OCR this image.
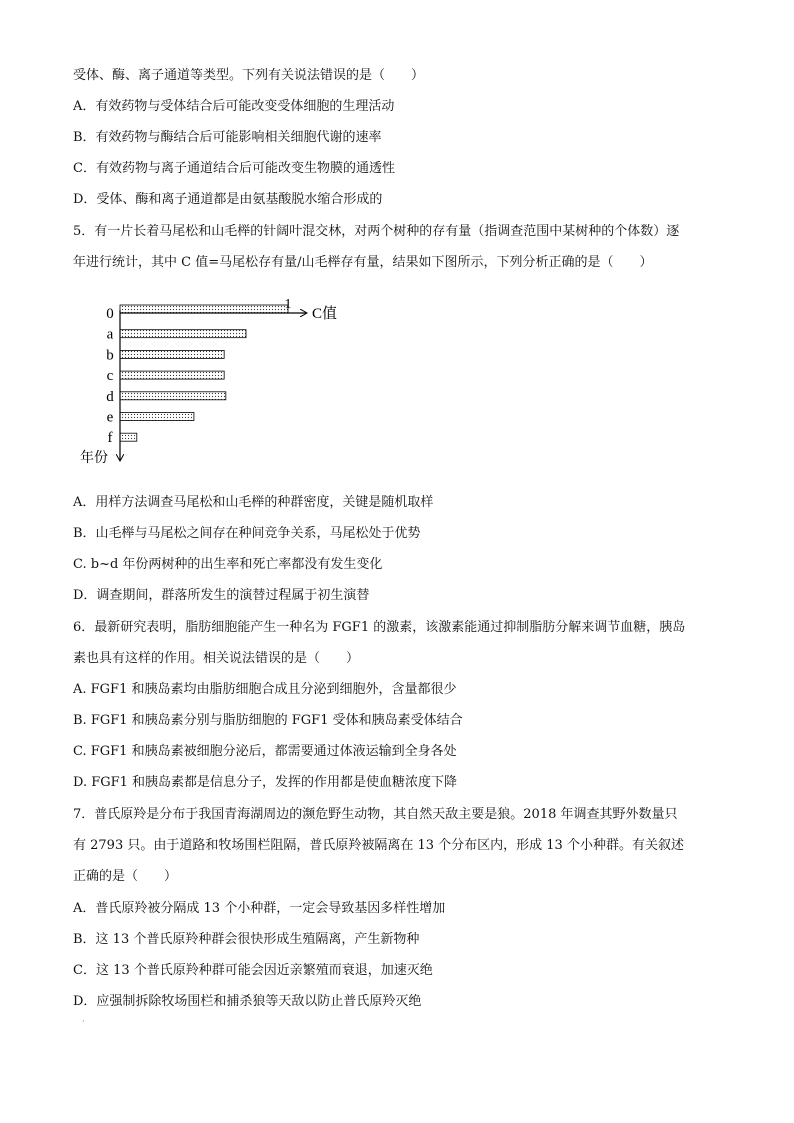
受体、酶、离子通道等类型。下列有关说法错误的是（　　）
A．有效药物与受体结合后可能改变受体细胞的生理活动
B．有效药物与酶结合后可能影响相关细胞代谢的速率
C．有效药物与离子通道结合后可能改变生物膜的通透性
D．受体、酶和离子通道都是由氨基酸脱水缩合形成的
5．有一片长着马尾松和山毛榉的针阔叶混交林，对两个树种的存有量（指调查范围中某树种的个体数）逐
年进行统计，其中 C 值=马尾松存有量/山毛榉存有量，结果如下图所示，下列分析正确的是（　　）
C值
1
年份
0
a
b
c
d
e
f
A．用样方法调查马尾松和山毛榉的种群密度，关键是随机取样
B．山毛榉与马尾松之间存在种间竞争关系，马尾松处于优势
C. b~d 年份两树种的出生率和死亡率都没有发生变化
D．调查期间，群落所发生的演替过程属于初生演替
6．最新研究表明，脂肪细胞能产生一种名为 FGF1 的激素，该激素能通过抑制脂肪分解来调节血糖，胰岛
素也具有这样的作用。相关说法错误的是（　　）
A. FGF1 和胰岛素均由脂肪细胞合成且分泌到细胞外，含量都很少
B. FGF1 和胰岛素分别与脂肪细胞的 FGF1 受体和胰岛素受体结合
C. FGF1 和胰岛素被细胞分泌后，都需要通过体液运输到全身各处
D. FGF1 和胰岛素都是信息分子，发挥的作用都是使血糖浓度下降
7．普氏原羚是分布于我国青海湖周边的濒危野生动物，其自然天敌主要是狼。2018 年调查其野外数量只
有 2793 只。由于道路和牧场围栏阻隔，普氏原羚被隔离在 13 个分布区内，形成 13 个小种群。有关叙述
正确的是（　　）
A．普氏原羚被分隔成 13 个小种群，一定会导致基因多样性增加
B．这 13 个普氏原羚种群会很快形成生殖隔离，产生新物种
C．这 13 个普氏原羚种群可能会因近亲繁殖而衰退，加速灭绝
D．应强制拆除牧场围栏和捕杀狼等天敌以防止普氏原羚灭绝
·
